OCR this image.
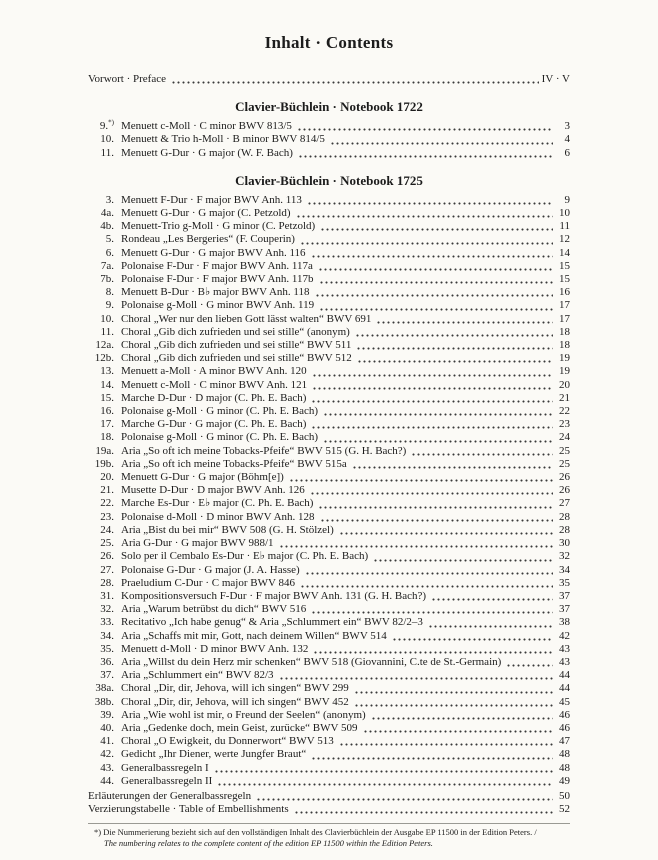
Inhalt · Contents
Vorwort · Preface	IV · V
Clavier-Büchlein · Notebook 1722
9.*) Menuett c-Moll · C minor BWV 813/5	3
10. Menuett & Trio h-Moll · B minor BWV 814/5	4
11. Menuett G-Dur · G major (W. F. Bach)	6
Clavier-Büchlein · Notebook 1725
3. Menuett F-Dur · F major BWV Anh. 113	9
4a. Menuett G-Dur · G major (C. Petzold)	10
4b. Menuett-Trio g-Moll · G minor (C. Petzold)	11
5. Rondeau „Les Bergeries“ (F. Couperin)	12
6. Menuett G-Dur · G major BWV Anh. 116	14
7a. Polonaise F-Dur · F major BWV Anh. 117a	15
7b. Polonaise F-Dur · F major BWV Anh. 117b	15
8. Menuett B-Dur · B♭ major BWV Anh. 118	16
9. Polonaise g-Moll · G minor BWV Anh. 119	17
10. Choral „Wer nur den lieben Gott lässt walten“ BWV 691	17
11. Choral „Gib dich zufrieden und sei stille“ (anonym)	18
12a. Choral „Gib dich zufrieden und sei stille“ BWV 511	18
12b. Choral „Gib dich zufrieden und sei stille“ BWV 512	19
13. Menuett a-Moll · A minor BWV Anh. 120	19
14. Menuett c-Moll · C minor BWV Anh. 121	20
15. Marche D-Dur · D major (C. Ph. E. Bach)	21
16. Polonaise g-Moll · G minor (C. Ph. E. Bach)	22
17. Marche G-Dur · G major (C. Ph. E. Bach)	23
18. Polonaise g-Moll · G minor (C. Ph. E. Bach)	24
19a. Aria „So oft ich meine Tobacks-Pfeife“ BWV 515 (G. H. Bach?)	25
19b. Aria „So oft ich meine Tobacks-Pfeife“ BWV 515a	25
20. Menuett G-Dur · G major (Böhm[e])	26
21. Musette D-Dur · D major BWV Anh. 126	26
22. Marche Es-Dur · E♭ major (C. Ph. E. Bach)	27
23. Polonaise d-Moll · D minor BWV Anh. 128	28
24. Aria „Bist du bei mir“ BWV 508 (G. H. Stölzel)	28
25. Aria G-Dur · G major BWV 988/1	30
26. Solo per il Cembalo Es-Dur · E♭ major (C. Ph. E. Bach)	32
27. Polonaise G-Dur · G major (J. A. Hasse)	34
28. Praeludium C-Dur · C major BWV 846	35
31. Kompositionsversuch F-Dur · F major BWV Anh. 131 (G. H. Bach?)	37
32. Aria „Warum betrübst du dich“ BWV 516	37
33. Recitativo „Ich habe genug“ & Aria „Schlummert ein“ BWV 82/2–3	38
34. Aria „Schaffs mit mir, Gott, nach deinem Willen“ BWV 514	42
35. Menuett d-Moll · D minor BWV Anh. 132	43
36. Aria „Willst du dein Herz mir schenken“ BWV 518 (Giovannini, C.te de St.-Germain)	43
37. Aria „Schlummert ein“ BWV 82/3	44
38a. Choral „Dir, dir, Jehova, will ich singen“ BWV 299	44
38b. Choral „Dir, dir, Jehova, will ich singen“ BWV 452	45
39. Aria „Wie wohl ist mir, o Freund der Seelen“ (anonym)	46
40. Aria „Gedenke doch, mein Geist, zurücke“ BWV 509	46
41. Choral „O Ewigkeit, du Donnerwort“ BWV 513	47
42. Gedicht „Ihr Diener, werte Jungfer Braut“	48
43. Generalbassregeln I	48
44. Generalbassregeln II	49
Erläuterungen der Generalbassregeln	50
Verzierungstabelle · Table of Embellishments	52
*) Die Nummerierung bezieht sich auf den vollständigen Inhalt des Clavierbüchlein der Ausgabe EP 11500 in der Edition Peters. /
The numbering relates to the complete content of the edition EP 11500 within the Edition Peters.
